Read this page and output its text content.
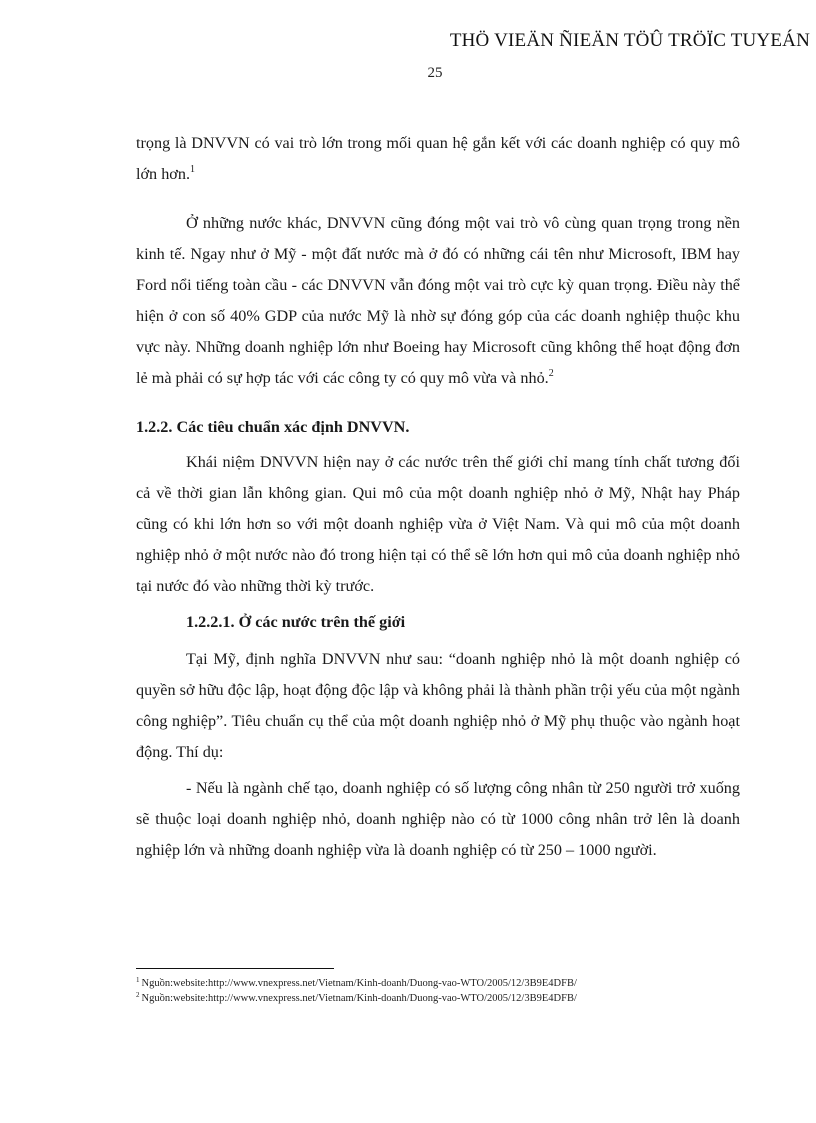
THÖ VIEÄN ÑIEÄN TÖÛ TRÖÏC TUYEÁN
25

trọng là DNVVN có vai trò lớn trong mối quan hệ gắn kết với các doanh nghiệp có quy mô lớn hơn.$^1$

Ở những nước khác, DNVVN cũng đóng một vai trò vô cùng quan trọng trong nền kinh tế. Ngay như ở Mỹ - một đất nước mà ở đó có những cái tên như Microsoft, IBM hay Ford nổi tiếng toàn cầu - các DNVVN vẫn đóng một vai trò cực kỳ quan trọng. Điều này thể hiện ở con số 40% GDP của nước Mỹ là nhờ sự đóng góp của các doanh nghiệp thuộc khu vực này. Những doanh nghiệp lớn như Boeing hay Microsoft cũng không thể hoạt động đơn lẻ mà phải có sự hợp tác với các công ty có quy mô vừa và nhỏ.$^2$

1.2.2. Các tiêu chuẩn xác định DNVVN.

Khái niệm DNVVN hiện nay ở các nước trên thế giới chỉ mang tính chất tương đối cả về thời gian lẫn không gian. Qui mô của một doanh nghiệp nhỏ ở Mỹ, Nhật hay Pháp cũng có khi lớn hơn so với một doanh nghiệp vừa ở Việt Nam. Và qui mô của một doanh nghiệp nhỏ ở một nước nào đó trong hiện tại có thể sẽ lớn hơn qui mô của doanh nghiệp nhỏ tại nước đó vào những thời kỳ trước.

1.2.2.1. Ở các nước trên thế giới

Tại Mỹ, định nghĩa DNVVN như sau: “doanh nghiệp nhỏ là một doanh nghiệp có quyền sở hữu độc lập, hoạt động độc lập và không phải là thành phần trội yếu của một ngành công nghiệp”. Tiêu chuẩn cụ thể của một doanh nghiệp nhỏ ở Mỹ phụ thuộc vào ngành hoạt động. Thí dụ:

- Nếu là ngành chế tạo, doanh nghiệp có số lượng công nhân từ 250 người trở xuống sẽ thuộc loại doanh nghiệp nhỏ, doanh nghiệp nào có từ 1000 công nhân trở lên là doanh nghiệp lớn và những doanh nghiệp vừa là doanh nghiệp có từ 250 – 1000 người.

$^1$ Nguồn:website:http://www.vnexpress.net/Vietnam/Kinh-doanh/Duong-vao-WTO/2005/12/3B9E4DFB/
$^2$ Nguồn:website:http://www.vnexpress.net/Vietnam/Kinh-doanh/Duong-vao-WTO/2005/12/3B9E4DFB/
